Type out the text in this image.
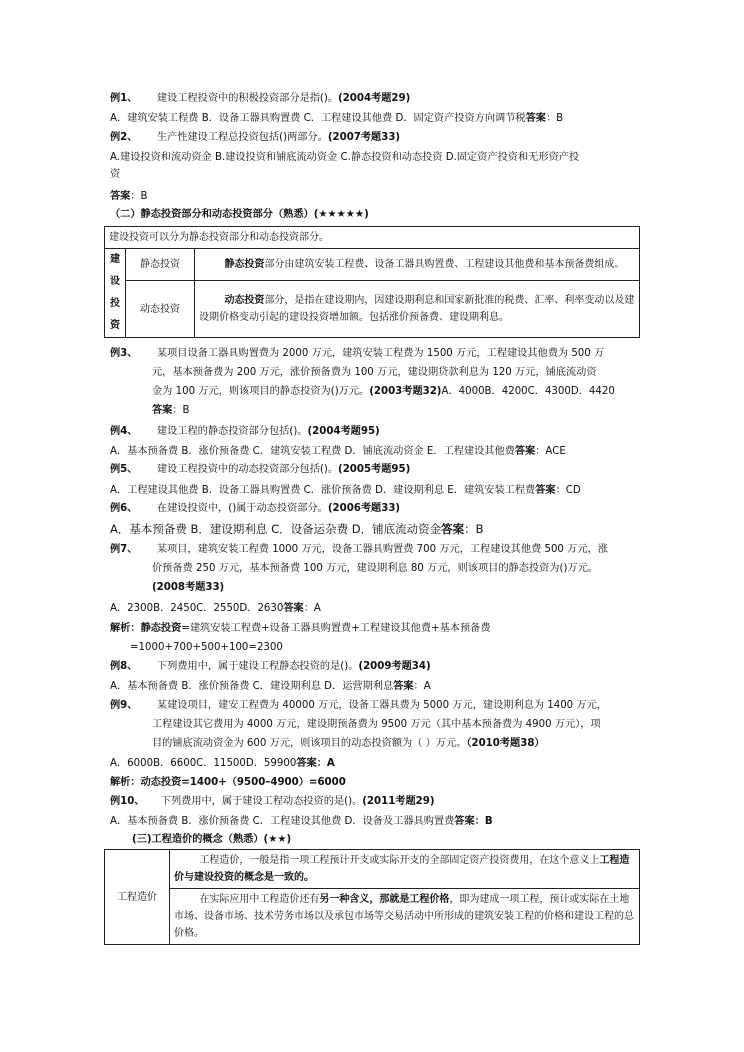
例1、 建设工程投资中的积极投资部分是指()。(2004考题29)
A．建筑安装工程费 B．设备工器具购置费 C．工程建设其他费 D．固定资产投资方向调节税答案：B
例2、 生产性建设工程总投资包括()两部分。(2007考题33)
A.建设投资和流动资金 B.建设投资和铺底流动资金 C.静态投资和动态投资 D.固定资产投资和无形资产投
资
答案：B
（二）静态投资部分和动态投资部分（熟悉）(★★★★★)
建设投资可以分为静态投资部分和动态投资部分。		

建
设
投
资	静态投资	静态投资部分由建筑安装工程费、设备工器具购置费、工程建设其他费和基本预备费组成。
	动态投资	动态投资部分，是指在建设期内，因建设期利息和国家新批准的税费、汇率、利率变动以及建设期价格变动引起的建设投资增加额。包括涨价预备费、建设期利息。
例3、 某项目设备工器具购置费为 2000 万元，建筑安装工程费为 1500 万元，工程建设其他费为 500 万
元，基本预备费为 200 万元，涨价预备费为 100 万元，建设期贷款利息为 120 万元，铺底流动资
金为 100 万元，则该项目的静态投资为()万元。(2003考题32)A．4000B．4200C．4300D．4420
答案：B
例4、 建设工程的静态投资部分包括()。(2004考题95)
A．基本预备费 B．涨价预备费 C．建筑安装工程费 D．铺底流动资金 E．工程建设其他费答案：ACE
例5、 建设工程投资中的动态投资部分包括()。(2005考题95)
A．工程建设其他费 B．设备工器具购置费 C．涨价预备费 D．建设期利息 E．建筑安装工程费答案：CD
例6、 在建设投资中，()属于动态投资部分。(2006考题33)
A．基本预备费 B．建设期利息 C．设备运杂费 D．铺底流动资金答案：B
例7、 某项目，建筑安装工程费 1000 万元，设备工器具购置费 700 万元，工程建设其他费 500 万元，涨
价预备费 250 万元，基本预备费 100 万元，建设期利息 80 万元，则该项目的静态投资为()万元。
(2008考题33)
A．2300B．2450C．2550D．2630答案：A
解析：静态投资=建筑安装工程费+设备工器具购置费+工程建设其他费+基本预备费
=1000+700+500+100=2300
例8、 下列费用中，属于建设工程静态投资的是()。(2009考题34)
A．基本预备费 B．涨价预备费 C．建设期利息 D．运营期利息答案：A
例9、 某建设项目，建安工程费为 40000 万元，设备工器具费为 5000 万元，建设期利息为 1400 万元，
工程建设其它费用为 4000 万元，建设期预备费为 9500 万元（其中基本预备费为 4900 万元），项
目的铺底流动资金为 600 万元，则该项目的动态投资额为（ ）万元。（2010考题38）
A．6000B．6600C．11500D．59900答案：A
解析：动态投资=1400+（9500–4900）=6000
例10、 下列费用中，属于建设工程动态投资的是()。(2011考题29)
A．基本预备费 B．涨价预备费 C．工程建设其他费 D．设备及工器具购置费答案：B
(三)工程造价的概念（熟悉）(★★)
工程造价	工程造价，一般是指一项工程预计开支或实际开支的全部固定资产投资费用，在这个意义上工程造价与建设投资的概念是一致的。
在实际应用中工程造价还有另一种含义，那就是工程价格，即为建成一项工程，预计或实际在土地市场、设备市场、技术劳务市场以及承包市场等交易活动中所形成的建筑安装工程的价格和建设工程的总价格。
